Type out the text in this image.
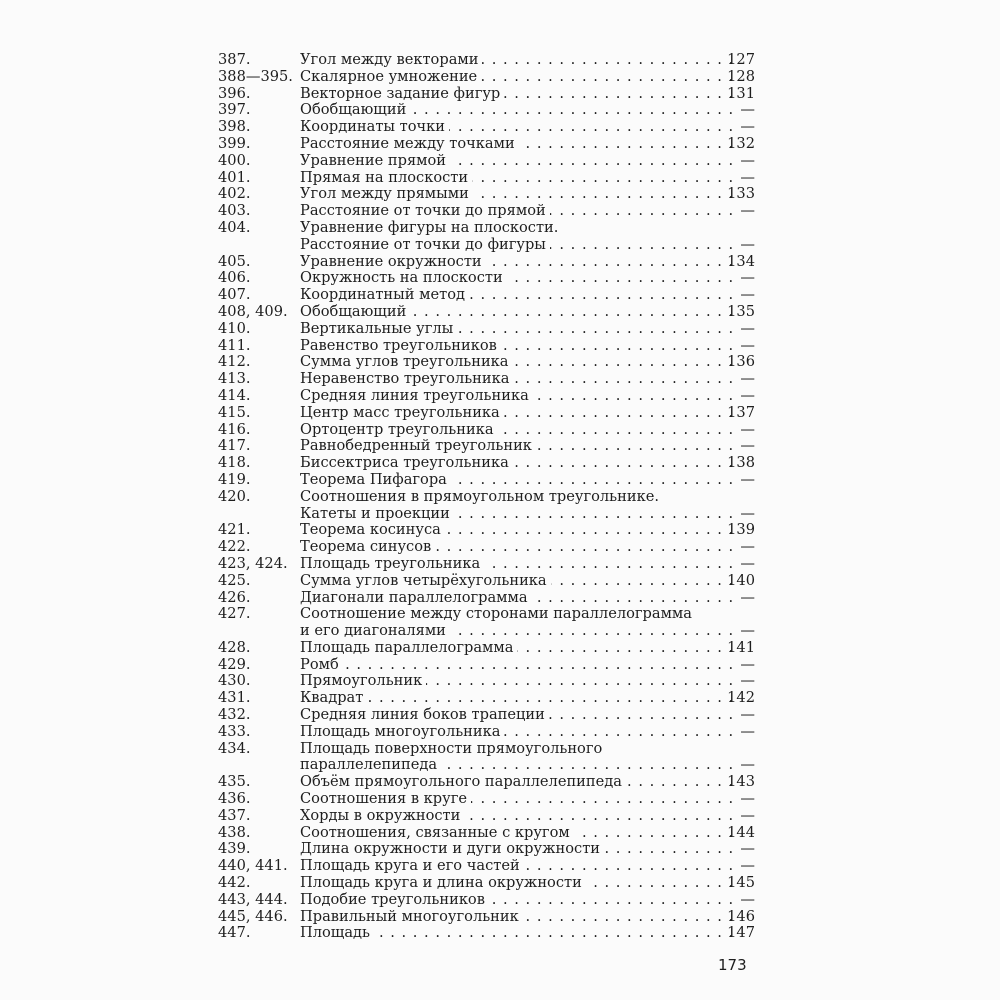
387.	Угол между векторами . . .	127
388—395. Скалярное умножение . . .	128
396.	Векторное задание фигур . . .	131
397.	Обобщающий . . .	—
398.	Координаты точки . . .	—
399.	Расстояние между точками . . .	132
400.	Уравнение прямой . . .	—
401.	Прямая на плоскости . . .	—
402.	Угол между прямыми . . .	133
403.	Расстояние от точки до прямой . . .	—
404.	Уравнение фигуры на плоскости.
Расстояние от точки до фигуры . . .	—
405.	Уравнение окружности . . .	134
406.	Окружность на плоскости . . .	—
407.	Координатный метод . . .	—
408, 409. Обобщающий . . .	135
410.	Вертикальные углы . . .	—
411.	Равенство треугольников . . .	—
412.	Сумма углов треугольника . . .	136
413.	Неравенство треугольника . . .	—
414.	Средняя линия треугольника . . .	—
415.	Центр масс треугольника . . .	137
416.	Ортоцентр треугольника . . .	—
417.	Равнобедренный треугольник . . .	—
418.	Биссектриса треугольника . . .	138
419.	Теорема Пифагора . . .	—
420.	Соотношения в прямоугольном треугольнике.
Катеты и проекции . . .	—
421.	Теорема косинуса . . .	139
422.	Теорема синусов . . .	—
423, 424. Площадь треугольника . . .	—
425.	Сумма углов четырёхугольника . . .	140
426.	Диагонали параллелограмма . . .	—
427.	Соотношение между сторонами параллелограмма
и его диагоналями . . .	—
428.	Площадь параллелограмма . . .	141
429.	Ромб . . .	—
430.	Прямоугольник . . .	—
431.	Квадрат . . .	142
432.	Средняя линия боков трапеции . . .	—
433.	Площадь многоугольника . . .	—
434.	Площадь поверхности прямоугольного
параллелепипеда . . .	—
435.	Объём прямоугольного параллелепипеда . . .	143
436.	Соотношения в круге . . .	—
437.	Хорды в окружности . . .	—
438.	Соотношения, связанные с кругом . . .	144
439.	Длина окружности и дуги окружности . . .	—
440, 441. Площадь круга и его частей . . .	—
442.	Площадь круга и длина окружности . . .	145
443, 444. Подобие треугольников . . .	—
445, 446. Правильный многоугольник . . .	146
447.	Площадь . . .	147
173
